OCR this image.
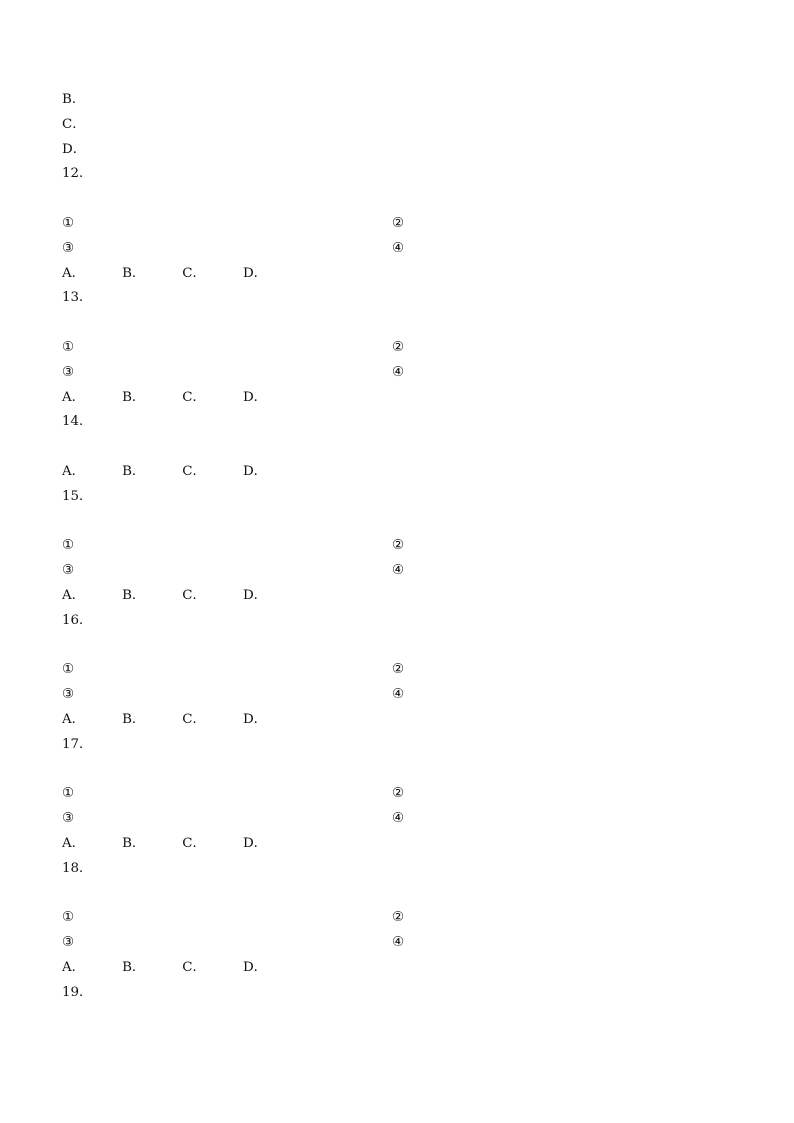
B．
C．
D．
12．
①	②
③	④
A．	B．	C．	D．
13．
①	②
③	④
A．	B．	C．	D．
14．
A．	B．	C．	D．
15．
①	②
③	④
A．	B．	C．	D．
16．
①	②
③	④
A．	B．	C．	D．
17．
①	②
③	④
A．	B．	C．	D．
18．
①	②
③	④
A．	B．	C．	D．
19．
